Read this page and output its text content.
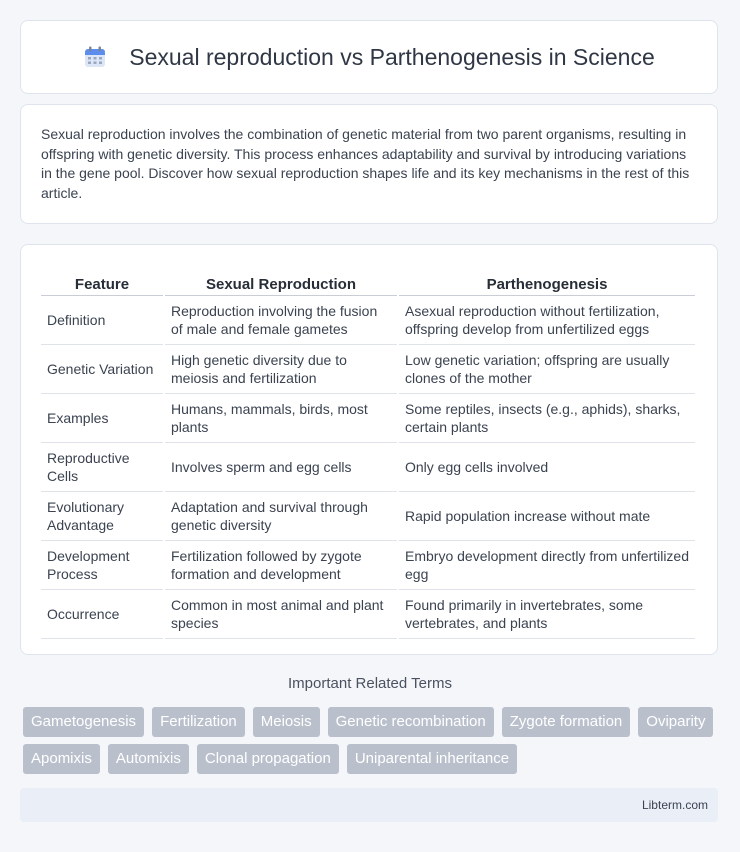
Sexual reproduction vs Parthenogenesis in Science

Sexual reproduction involves the combination of genetic material from two parent organisms, resulting in offspring with genetic diversity. This process enhances adaptability and survival by introducing variations in the gene pool. Discover how sexual reproduction shapes life and its key mechanisms in the rest of this article.

Feature	Sexual Reproduction	Parthenogenesis
Definition	Reproduction involving the fusion of male and female gametes	Asexual reproduction without fertilization, offspring develop from unfertilized eggs
Genetic Variation	High genetic diversity due to meiosis and fertilization	Low genetic variation; offspring are usually clones of the mother
Examples	Humans, mammals, birds, most plants	Some reptiles, insects (e.g., aphids), sharks, certain plants
Reproductive Cells	Involves sperm and egg cells	Only egg cells involved
Evolutionary Advantage	Adaptation and survival through genetic diversity	Rapid population increase without mate
Development Process	Fertilization followed by zygote formation and development	Embryo development directly from unfertilized egg
Occurrence	Common in most animal and plant species	Found primarily in invertebrates, some vertebrates, and plants
Important Related Terms
Gametogenesis	Fertilization	Meiosis	Genetic recombination	Zygote formation	Oviparity
Apomixis	Automixis	Clonal propagation	Uniparental inheritance
Libterm.com
